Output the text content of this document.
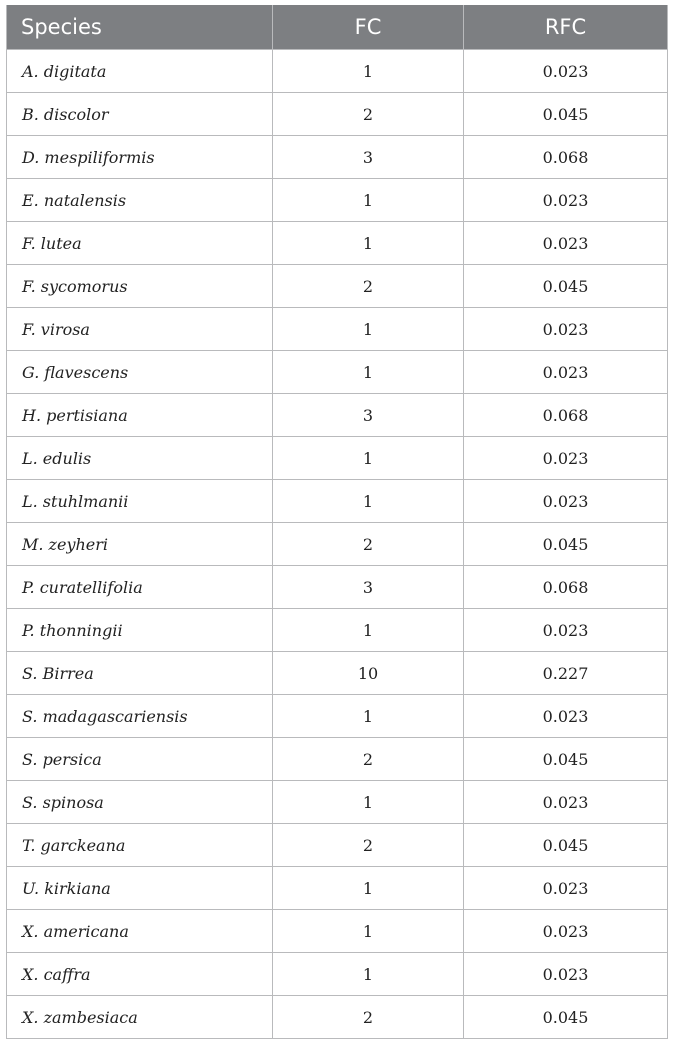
Species	FC	RFC
A. digitata	1	0.023
B. discolor	2	0.045
D. mespiliformis	3	0.068
E. natalensis	1	0.023
F. lutea	1	0.023
F. sycomorus	2	0.045
F. virosa	1	0.023
G. flavescens	1	0.023
H. pertisiana	3	0.068
L. edulis	1	0.023
L. stuhlmanii	1	0.023
M. zeyheri	2	0.045
P. curatellifolia	3	0.068
P. thonningii	1	0.023
S. Birrea	10	0.227
S. madagascariensis	1	0.023
S. persica	2	0.045
S. spinosa	1	0.023
T. garckeana	2	0.045
U. kirkiana	1	0.023
X. americana	1	0.023
X. caffra	1	0.023
X. zambesiaca	2	0.045
